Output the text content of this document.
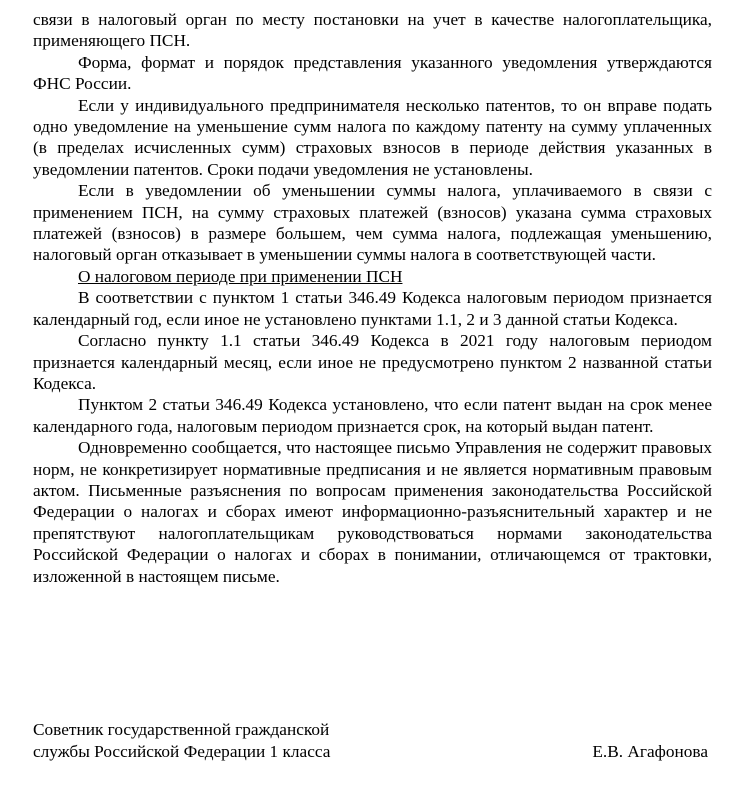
связи в налоговый орган по месту постановки на учет в качестве налогоплательщика, применяющего ПСН.

Форма, формат и порядок представления указанного уведомления утверждаются ФНС России.

Если у индивидуального предпринимателя несколько патентов, то он вправе подать одно уведомление на уменьшение сумм налога по каждому патенту на сумму уплаченных (в пределах исчисленных сумм) страховых взносов в периоде действия указанных в уведомлении патентов. Сроки подачи уведомления не установлены.

Если в уведомлении об уменьшении суммы налога, уплачиваемого в связи с применением ПСН, на сумму страховых платежей (взносов) указана сумма страховых платежей (взносов) в размере большем, чем сумма налога, подлежащая уменьшению, налоговый орган отказывает в уменьшении суммы налога в соответствующей части.

О налоговом периоде при применении ПСН

В соответствии с пунктом 1 статьи 346.49 Кодекса налоговым периодом признается календарный год, если иное не установлено пунктами 1.1, 2 и 3 данной статьи Кодекса.

Согласно пункту 1.1 статьи 346.49 Кодекса в 2021 году налоговым периодом признается календарный месяц, если иное не предусмотрено пунктом 2 названной статьи Кодекса.

Пунктом 2 статьи 346.49 Кодекса установлено, что если патент выдан на срок менее календарного года, налоговым периодом признается срок, на который выдан патент.

Одновременно сообщается, что настоящее письмо Управления не содержит правовых норм, не конкретизирует нормативные предписания и не является нормативным правовым актом. Письменные разъяснения по вопросам применения законодательства Российской Федерации о налогах и сборах имеют информационно-разъяснительный характер и не препятствуют налогоплательщикам руководствоваться нормами законодательства Российской Федерации о налогах и сборах в понимании, отличающемся от трактовки, изложенной в настоящем письме.

Советник государственной гражданской
службы Российской Федерации 1 класса	Е.В. Агафонова
